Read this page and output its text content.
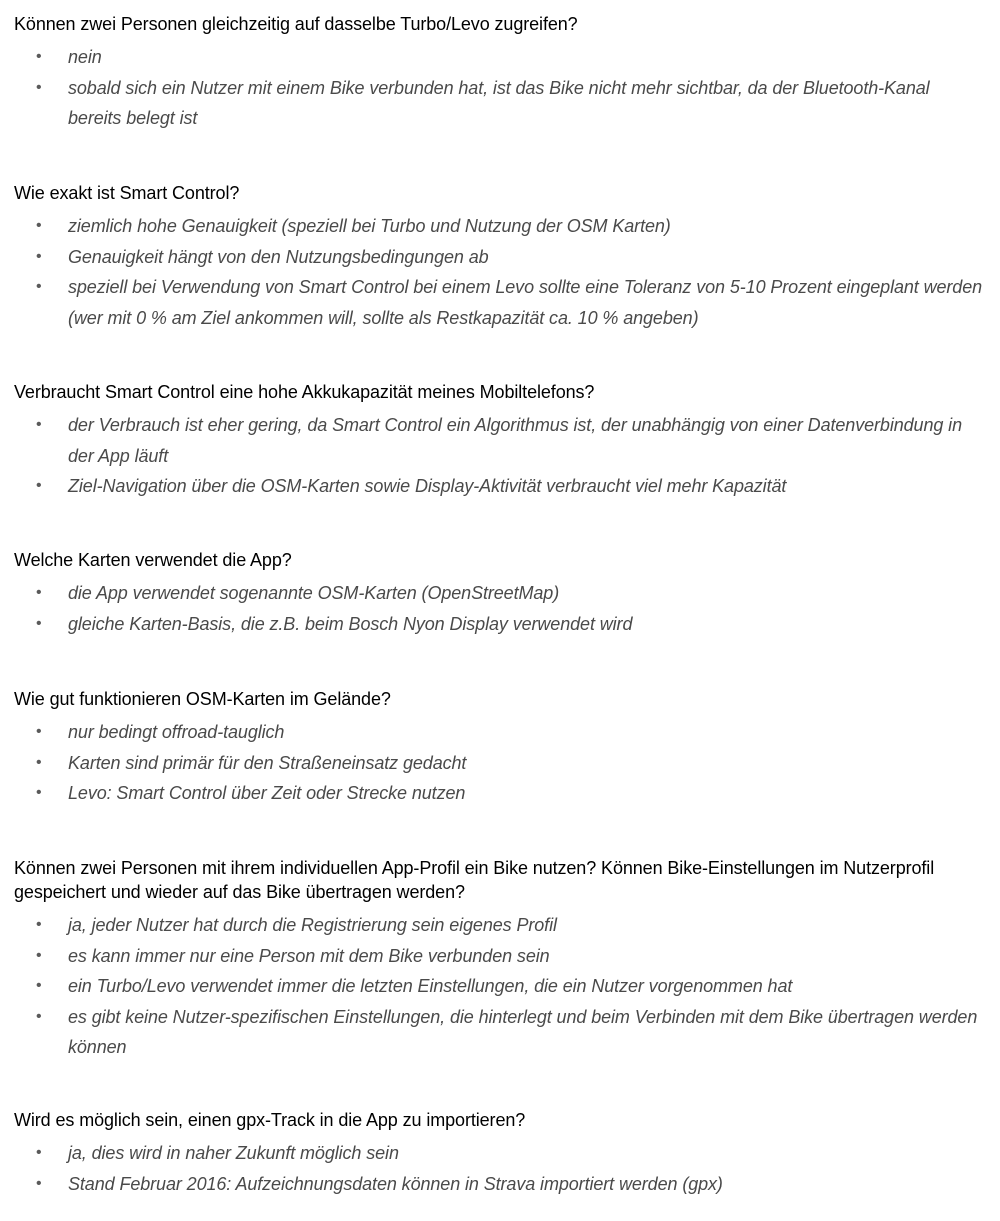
Können zwei Personen gleichzeitig auf dasselbe Turbo/Levo zugreifen?
• nein
• sobald sich ein Nutzer mit einem Bike verbunden hat, ist das Bike nicht mehr sichtbar, da der Bluetooth-Kanal bereits belegt ist
Wie exakt ist Smart Control?
• ziemlich hohe Genauigkeit (speziell bei Turbo und Nutzung der OSM Karten)
• Genauigkeit hängt von den Nutzungsbedingungen ab
• speziell bei Verwendung von Smart Control bei einem Levo sollte eine Toleranz von 5-10 Prozent eingeplant werden (wer mit 0 % am Ziel ankommen will, sollte als Restkapazität ca. 10 % angeben)
Verbraucht Smart Control eine hohe Akkukapazität meines Mobiltelefons?
• der Verbrauch ist eher gering, da Smart Control ein Algorithmus ist, der unabhängig von einer Datenverbindung in der App läuft
• Ziel-Navigation über die OSM-Karten sowie Display-Aktivität verbraucht viel mehr Kapazität
Welche Karten verwendet die App?
• die App verwendet sogenannte OSM-Karten (OpenStreetMap)
• gleiche Karten-Basis, die z.B. beim Bosch Nyon Display verwendet wird
Wie gut funktionieren OSM-Karten im Gelände?
• nur bedingt offroad-tauglich
• Karten sind primär für den Straßeneinsatz gedacht
• Levo: Smart Control über Zeit oder Strecke nutzen
Können zwei Personen mit ihrem individuellen App-Profil ein Bike nutzen? Können Bike-Einstellungen im Nutzerprofil gespeichert und wieder auf das Bike übertragen werden?
• ja, jeder Nutzer hat durch die Registrierung sein eigenes Profil
• es kann immer nur eine Person mit dem Bike verbunden sein
• ein Turbo/Levo verwendet immer die letzten Einstellungen, die ein Nutzer vorgenommen hat
• es gibt keine Nutzer-spezifischen Einstellungen, die hinterlegt und beim Verbinden mit dem Bike übertragen werden können
Wird es möglich sein, einen gpx-Track in die App zu importieren?
• ja, dies wird in naher Zukunft möglich sein
• Stand Februar 2016: Aufzeichnungsdaten können in Strava importiert werden (gpx)
